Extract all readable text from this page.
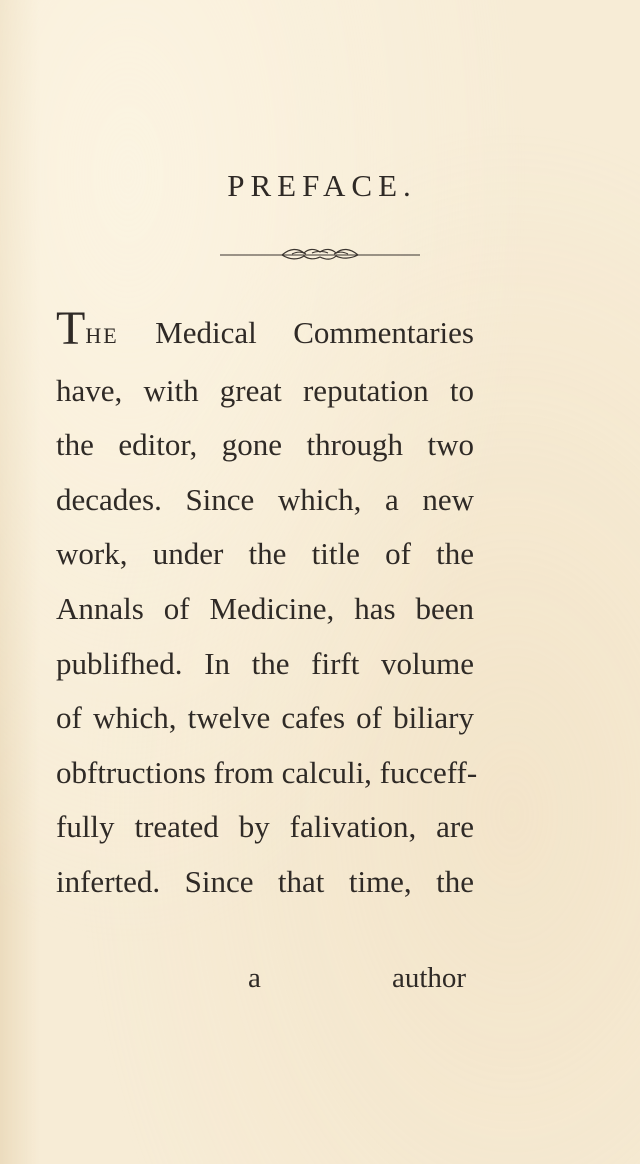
PREFACE.
THE Medical Commentaries
have, with great reputation to
the editor, gone through two
decades. Since which, a new
work, under the title of the
Annals of Medicine, has been
publifhed. In the firft volume
of which, twelve cafes of biliary
obftructions from calculi, fucceff-
fully treated by falivation, are
inferted. Since that time, the
a	author
